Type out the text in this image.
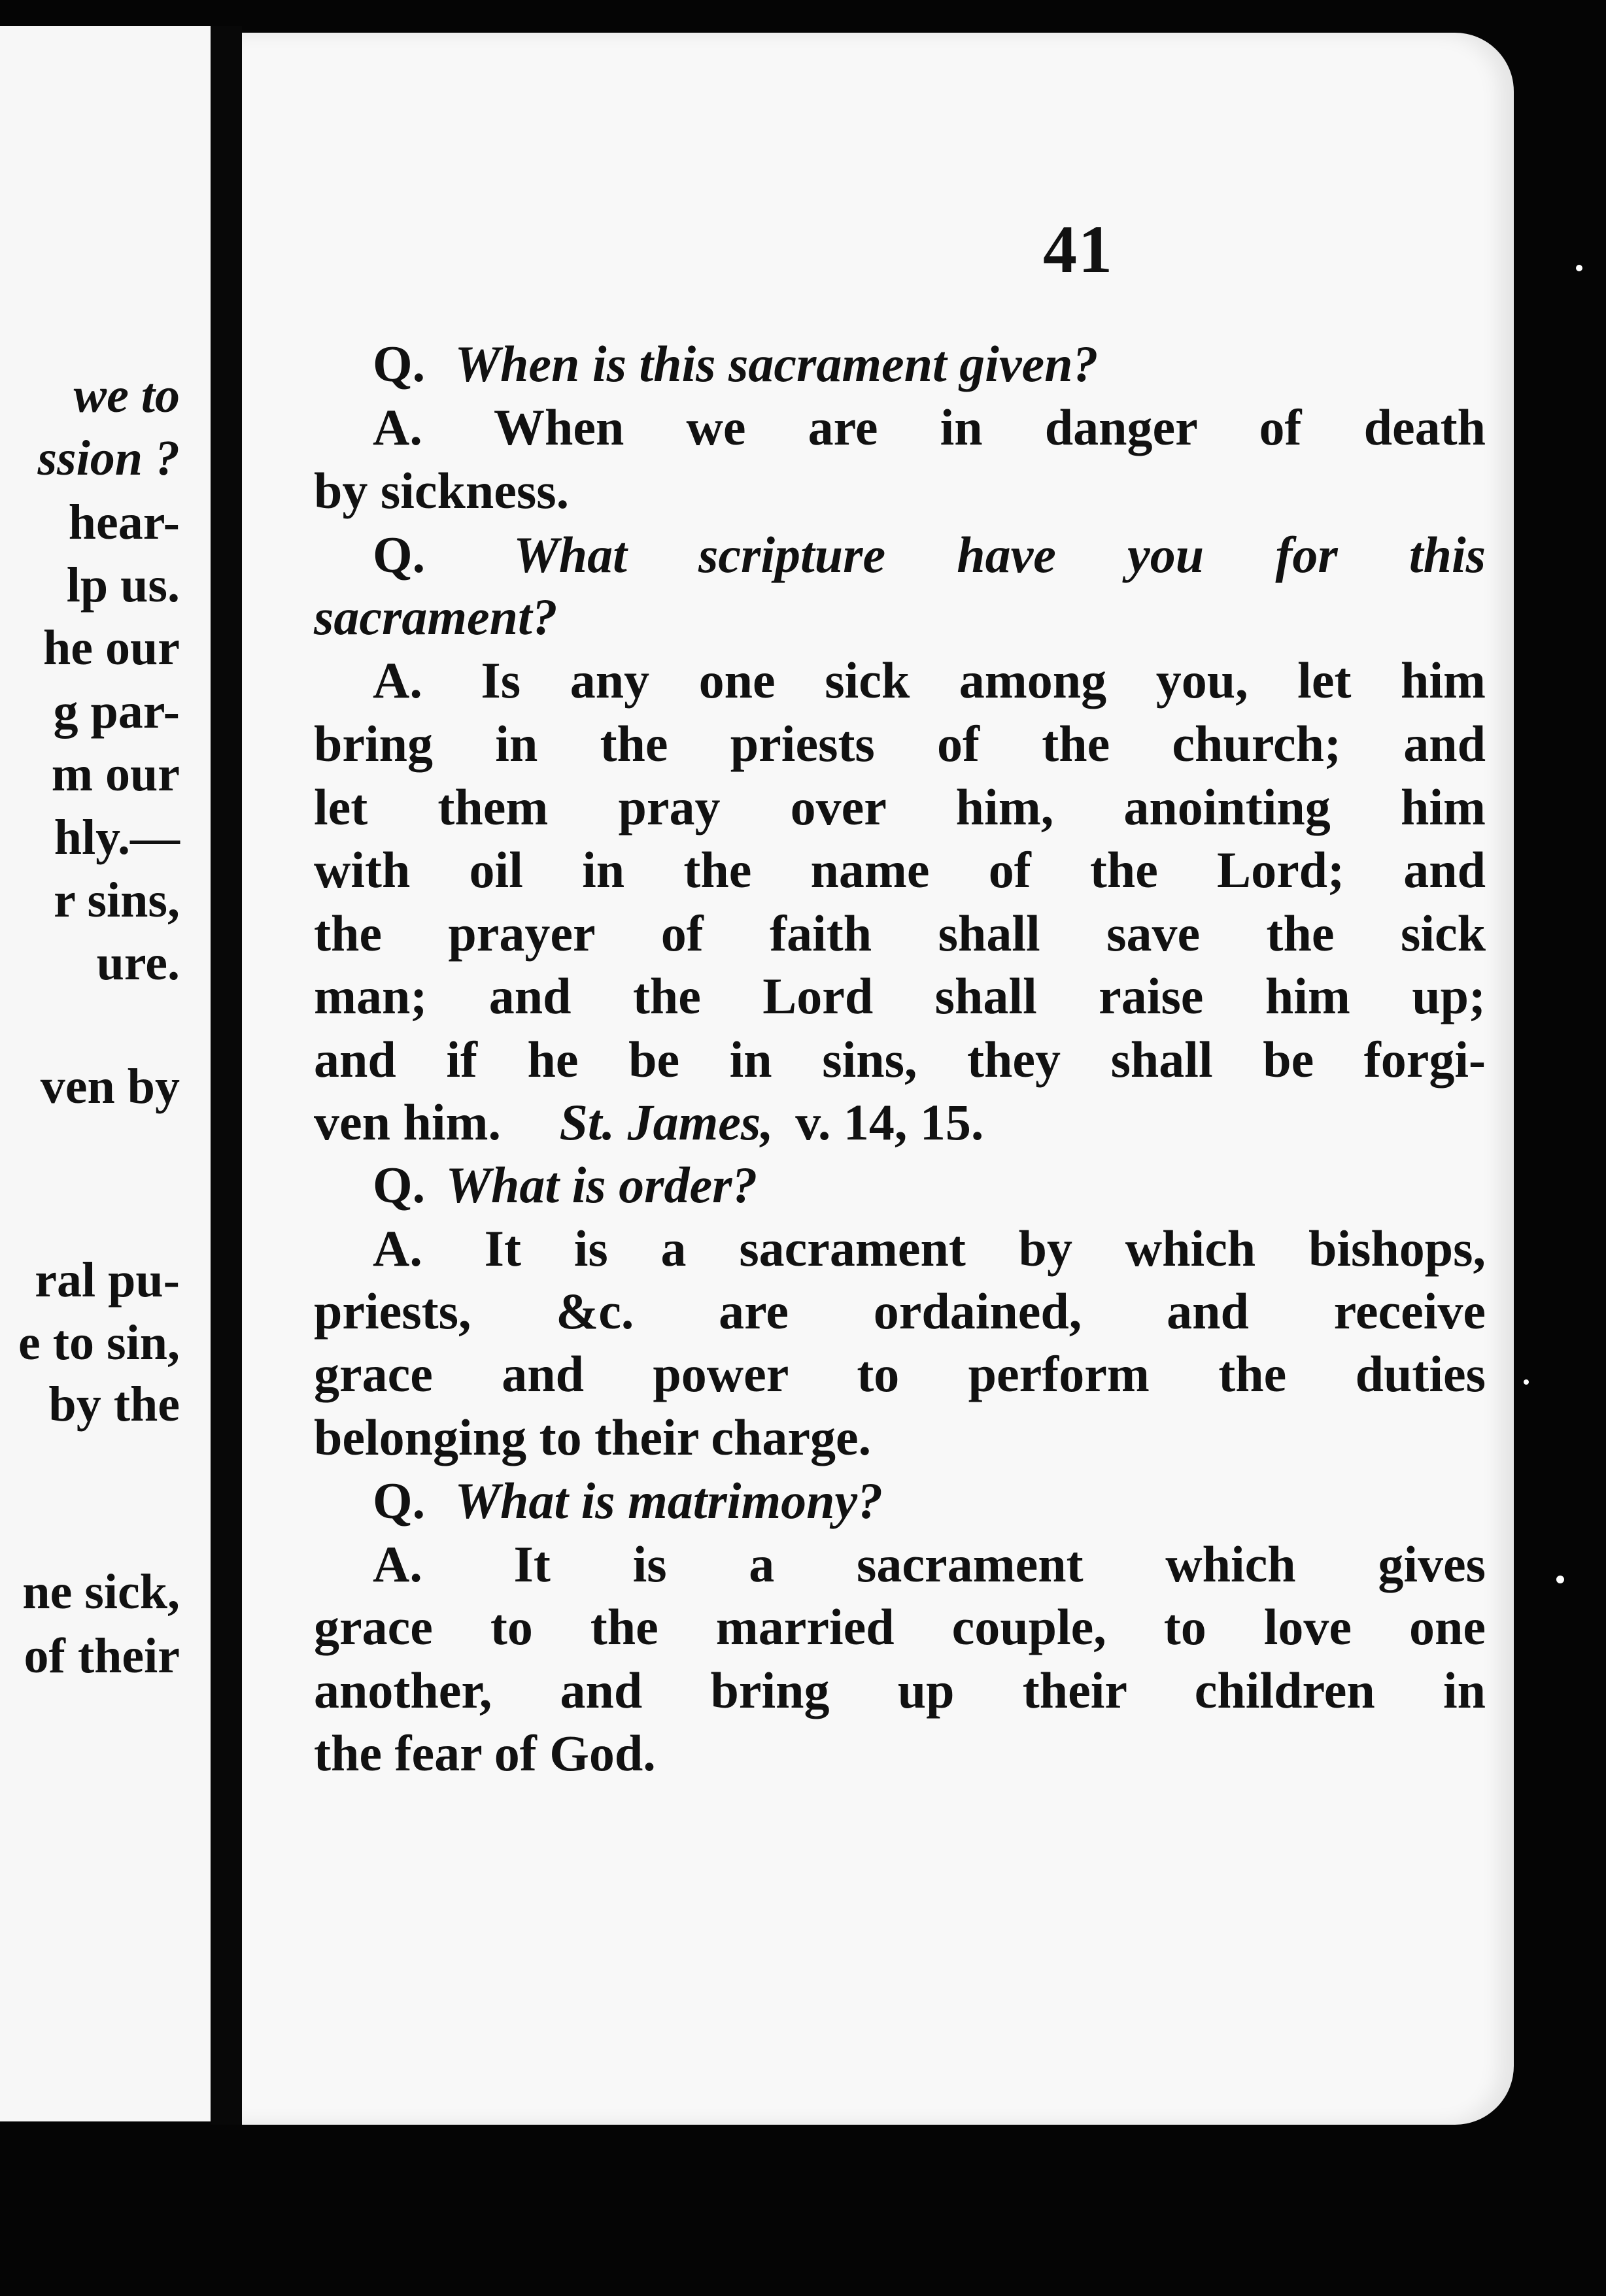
we to
ssion ?
hear-
lp us.
he our
g par-
m our
hly.—
r sins,
ure.
ven by
ral pu-
e to sin,
by the
ne sick,
of their
41
Q. When is this sacrament given?
A. When we are in danger of death
by sickness.
Q. What scripture have you for this
sacrament?
A. Is any one sick among you, let him
bring in the priests of the church; and
let them pray over him, anointing him
with oil in the name of the Lord; and
the prayer of faith shall save the sick
man; and the Lord shall raise him up;
and if he be in sins, they shall be forgi-
ven him. St. James, v. 14, 15.
Q. What is order?
A. It is a sacrament by which bishops,
priests, &c. are ordained, and receive
grace and power to perform the duties
belonging to their charge.
Q. What is matrimony?
A. It is a sacrament which gives
grace to the married couple, to love one
another, and bring up their children in
the fear of God.
